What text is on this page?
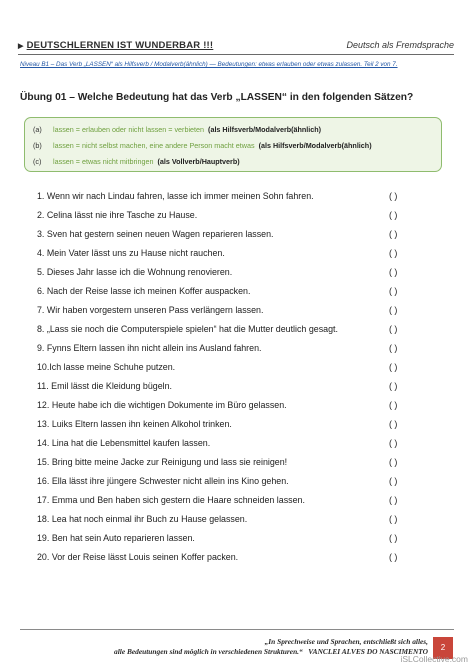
▶ DEUTSCHLERNEN IST WUNDERBAR !!!	Deutsch als Fremdsprache
Niveau B1 – Das Verb „LASSEN“ als Hilfsverb / Modalverb(ähnlich) — Bedeutungen: etwas erlauben oder etwas zulassen. Teil 2 von 7.
Übung 01 – Welche Bedeutung hat das Verb „LASSEN“ in den folgenden Sätzen?
(a) lassen = erlauben oder nicht lassen = verbieten (als Hilfsverb/Modalverb(ähnlich)
(b) lassen = nicht selbst machen, eine andere Person macht etwas (als Hilfsverb/Modalverb(ähnlich)
(c) lassen = etwas nicht mitbringen (als Vollverb/Hauptverb)
1. Wenn wir nach Lindau fahren, lasse ich immer meinen Sohn fahren.	( )
2. Celina lässt nie ihre Tasche zu Hause.	( )
3. Sven hat gestern seinen neuen Wagen reparieren lassen.	( )
4. Mein Vater lässt uns zu Hause nicht rauchen.	( )
5. Dieses Jahr lasse ich die Wohnung renovieren.	( )
6. Nach der Reise lasse ich meinen Koffer auspacken.	( )
7. Wir haben vorgestern unseren Pass verlängern lassen.	( )
8. „Lass sie noch die Computerspiele spielen“ hat die Mutter deutlich gesagt.	( )
9. Fynns Eltern lassen ihn nicht allein ins Ausland fahren.	( )
10.Ich lasse meine Schuhe putzen.	( )
11. Emil lässt die Kleidung bügeln.	( )
12. Heute habe ich die wichtigen Dokumente im Büro gelassen.	( )
13. Luiks Eltern lassen ihn keinen Alkohol trinken.	( )
14. Lina hat die Lebensmittel kaufen lassen.	( )
15. Bring bitte meine Jacke zur Reinigung und lass sie reinigen!	( )
16. Ella lässt ihre jüngere Schwester nicht allein ins Kino gehen.	( )
17. Emma und Ben haben sich gestern die Haare schneiden lassen.	( )
18. Lea hat noch einmal ihr Buch zu Hause gelassen.	( )
19. Ben hat sein Auto reparieren lassen.	( )
20. Vor der Reise lässt Louis seinen Koffer packen.	( )
„In Sprechweise und Sprachen, entschließt sich alles,
alle Bedeutungen sind möglich in verschiedenen Strukturen.“ VANCLEI ALVES DO NASCIMENTO	2
iSLCollective.com
